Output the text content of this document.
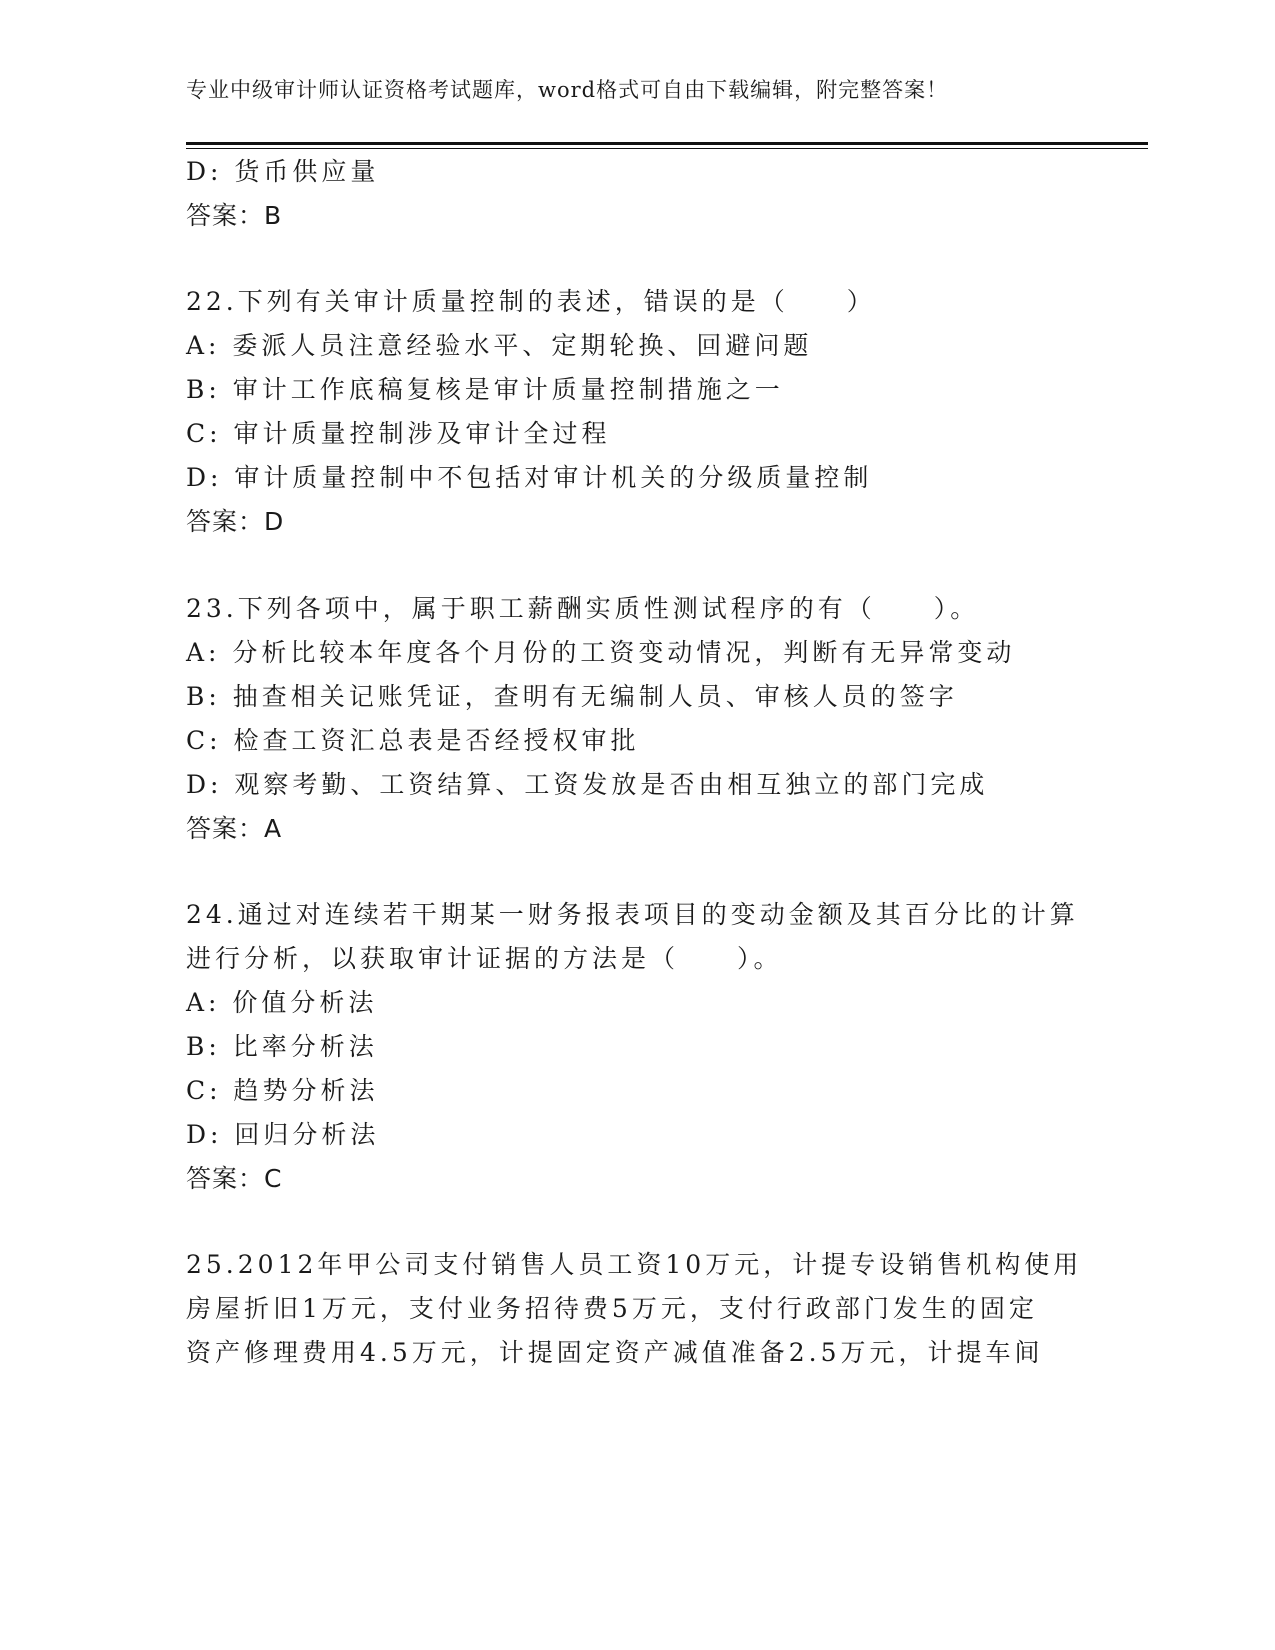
专业中级审计师认证资格考试题库，word格式可自由下载编辑，附完整答案！
D: 货币供应量
答案：B
22.下列有关审计质量控制的表述，错误的是（　　）
A: 委派人员注意经验水平、定期轮换、回避问题
B: 审计工作底稿复核是审计质量控制措施之一
C: 审计质量控制涉及审计全过程
D: 审计质量控制中不包括对审计机关的分级质量控制
答案：D
23.下列各项中，属于职工薪酬实质性测试程序的有（　　）。
A: 分析比较本年度各个月份的工资变动情况，判断有无异常变动
B: 抽查相关记账凭证，查明有无编制人员、审核人员的签字
C: 检查工资汇总表是否经授权审批
D: 观察考勤、工资结算、工资发放是否由相互独立的部门完成
答案：A
24.通过对连续若干期某一财务报表项目的变动金额及其百分比的计算
进行分析，以获取审计证据的方法是（　　）。
A: 价值分析法
B: 比率分析法
C: 趋势分析法
D: 回归分析法
答案：C
25.2012年甲公司支付销售人员工资10万元，计提专设销售机构使用
房屋折旧1万元，支付业务招待费5万元，支付行政部门发生的固定
资产修理费用4.5万元，计提固定资产减值准备2.5万元，计提车间
